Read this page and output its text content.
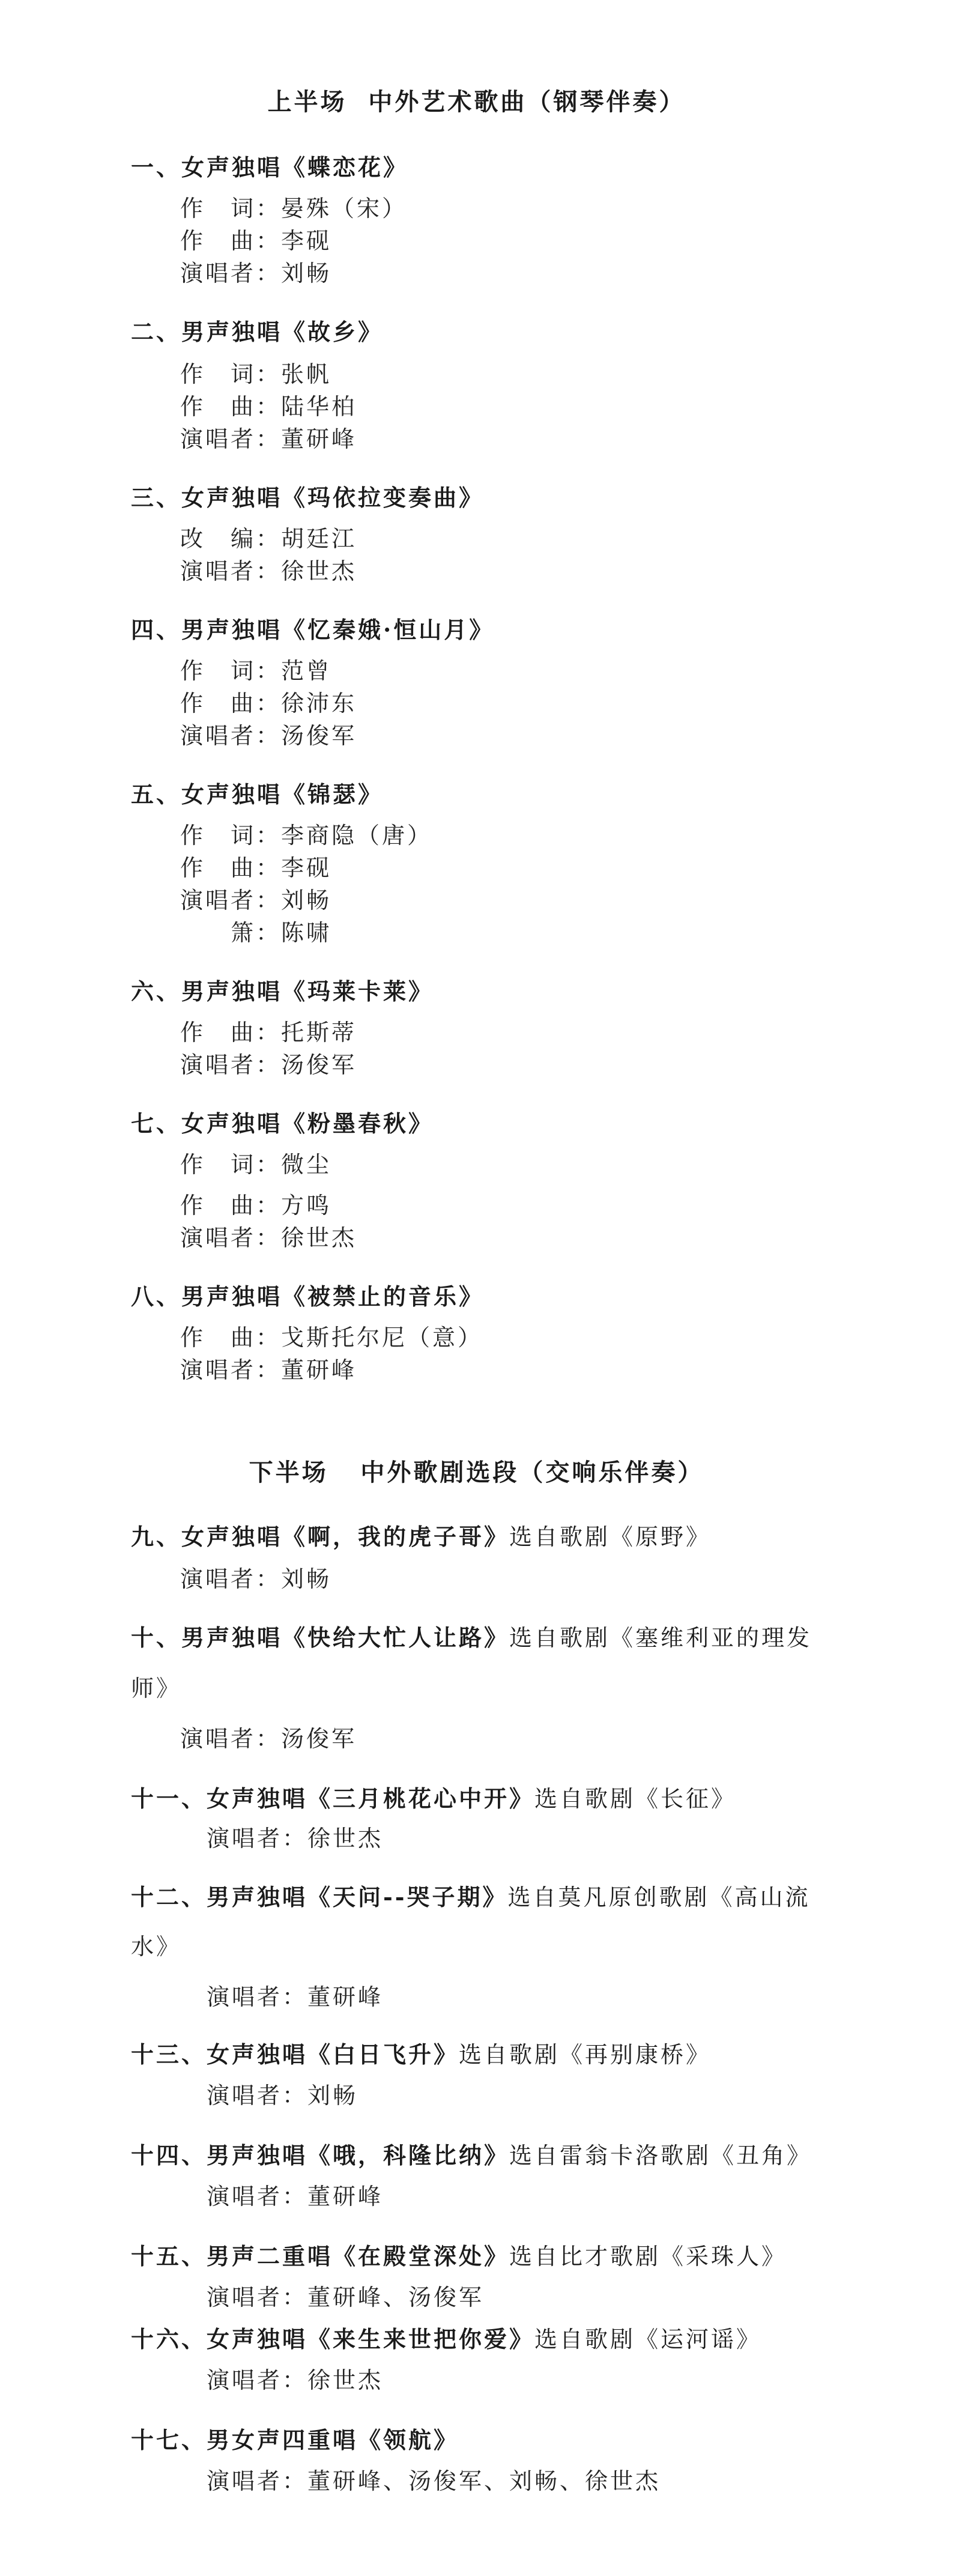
上半场  中外艺术歌曲（钢琴伴奏）
一、女声独唱《蝶恋花》
作　词：晏殊（宋）
作　曲：李砚
演唱者：刘畅
二、男声独唱《故乡》
作　词：张帆
作　曲：陆华柏
演唱者：董研峰
三、女声独唱《玛依拉变奏曲》
改　编：胡廷江
演唱者：徐世杰
四、男声独唱《忆秦娥·恒山月》
作　词：范曾
作　曲：徐沛东
演唱者：汤俊军
五、女声独唱《锦瑟》
作　词：李商隐（唐）
作　曲：李砚
演唱者：刘畅
　　箫：陈啸
六、男声独唱《玛莱卡莱》
作　曲：托斯蒂
演唱者：汤俊军
七、女声独唱《粉墨春秋》
作　词：微尘
作　曲：方鸣
演唱者：徐世杰
八、男声独唱《被禁止的音乐》
作　曲：戈斯托尔尼（意）
演唱者：董研峰
下半场   中外歌剧选段（交响乐伴奏）
九、女声独唱《啊，我的虎子哥》选自歌剧《原野》
演唱者：刘畅
十、男声独唱《快给大忙人让路》选自歌剧《塞维利亚的理发
师》
演唱者：汤俊军
十一、女声独唱《三月桃花心中开》选自歌剧《长征》
演唱者：徐世杰
十二、男声独唱《天问--哭子期》选自莫凡原创歌剧《高山流
水》
演唱者：董研峰
十三、女声独唱《白日飞升》选自歌剧《再别康桥》
演唱者：刘畅
十四、男声独唱《哦，科隆比纳》选自雷翁卡洛歌剧《丑角》
演唱者：董研峰
十五、男声二重唱《在殿堂深处》选自比才歌剧《采珠人》
演唱者：董研峰、汤俊军
十六、女声独唱《来生来世把你爱》选自歌剧《运河谣》
演唱者：徐世杰
十七、男女声四重唱《领航》
演唱者：董研峰、汤俊军、刘畅、徐世杰
